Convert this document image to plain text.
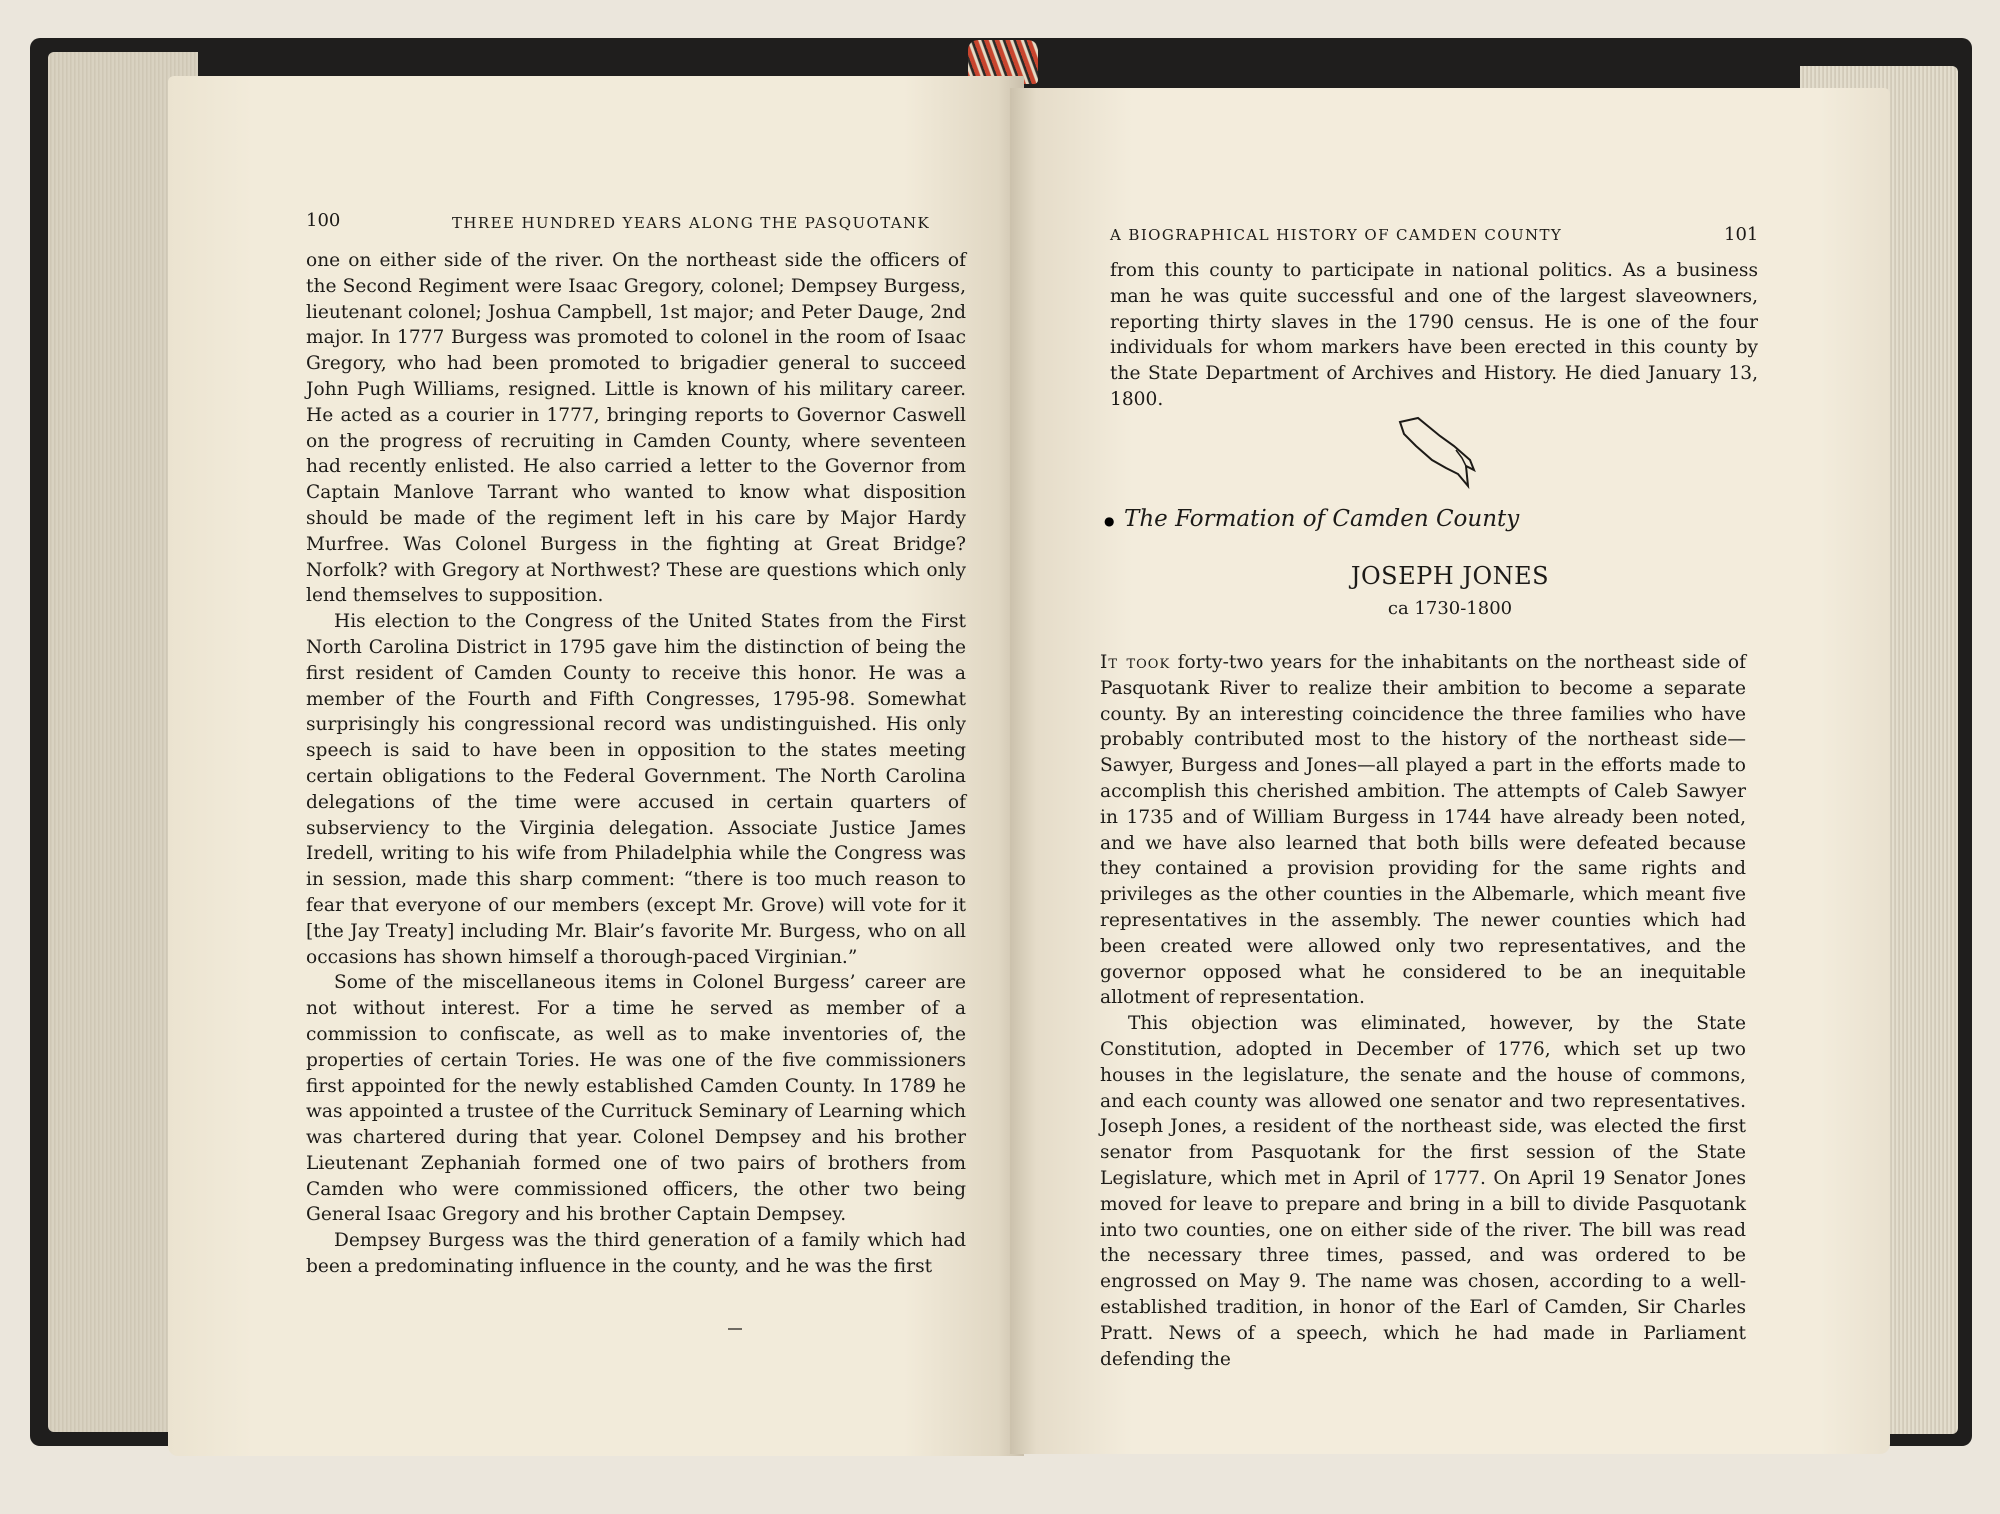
100	THREE HUNDRED YEARS ALONG THE PASQUOTANK

one on either side of the river. On the northeast side the officers of the Second Regiment were Isaac Gregory, colonel; Dempsey Burgess, lieutenant colonel; Joshua Campbell, 1st major; and Peter Dauge, 2nd major. In 1777 Burgess was promoted to colonel in the room of Isaac Gregory, who had been promoted to brigadier general to succeed John Pugh Williams, resigned. Little is known of his military career. He acted as a courier in 1777, bringing reports to Governor Caswell on the progress of recruiting in Camden County, where seventeen had recently enlisted. He also carried a letter to the Governor from Captain Manlove Tarrant who wanted to know what disposition should be made of the regiment left in his care by Major Hardy Murfree. Was Colonel Burgess in the fighting at Great Bridge? Norfolk? with Gregory at Northwest? These are questions which only lend themselves to supposition.

His election to the Congress of the United States from the First North Carolina District in 1795 gave him the distinction of being the first resident of Camden County to receive this honor. He was a member of the Fourth and Fifth Congresses, 1795-98. Somewhat surprisingly his congressional record was undistinguished. His only speech is said to have been in opposition to the states meeting certain obligations to the Federal Government. The North Carolina delegations of the time were accused in certain quarters of subserviency to the Virginia delegation. Associate Justice James Iredell, writing to his wife from Philadelphia while the Congress was in session, made this sharp comment: “there is too much reason to fear that everyone of our members (except Mr. Grove) will vote for it [the Jay Treaty] including Mr. Blair’s favorite Mr. Burgess, who on all occasions has shown himself a thorough-paced Virginian.”

Some of the miscellaneous items in Colonel Burgess’ career are not without interest. For a time he served as member of a commission to confiscate, as well as to make inventories of, the properties of certain Tories. He was one of the five commissioners first appointed for the newly established Camden County. In 1789 he was appointed a trustee of the Currituck Seminary of Learning which was chartered during that year. Colonel Dempsey and his brother Lieutenant Zephaniah formed one of two pairs of brothers from Camden who were commissioned officers, the other two being General Isaac Gregory and his brother Captain Dempsey.

Dempsey Burgess was the third generation of a family which had been a predominating influence in the county, and he was the first

A BIOGRAPHICAL HISTORY OF CAMDEN COUNTY	101

from this county to participate in national politics. As a business man he was quite successful and one of the largest slaveowners, reporting thirty slaves in the 1790 census. He is one of the four individuals for whom markers have been erected in this county by the State Department of Archives and History. He died January 13, 1800.

● The Formation of Camden County
JOSEPH JONES
ca 1730-1800

It took forty-two years for the inhabitants on the northeast side of Pasquotank River to realize their ambition to become a separate county. By an interesting coincidence the three families who have probably contributed most to the history of the northeast side—Sawyer, Burgess and Jones—all played a part in the efforts made to accomplish this cherished ambition. The attempts of Caleb Sawyer in 1735 and of William Burgess in 1744 have already been noted, and we have also learned that both bills were defeated because they contained a provision providing for the same rights and privileges as the other counties in the Albemarle, which meant five representatives in the assembly. The newer counties which had been created were allowed only two representatives, and the governor opposed what he considered to be an inequitable allotment of representation.

This objection was eliminated, however, by the State Constitution, adopted in December of 1776, which set up two houses in the legislature, the senate and the house of commons, and each county was allowed one senator and two representatives. Joseph Jones, a resident of the northeast side, was elected the first senator from Pasquotank for the first session of the State Legislature, which met in April of 1777. On April 19 Senator Jones moved for leave to prepare and bring in a bill to divide Pasquotank into two counties, one on either side of the river. The bill was read the necessary three times, passed, and was ordered to be engrossed on May 9. The name was chosen, according to a well-established tradition, in honor of the Earl of Camden, Sir Charles Pratt. News of a speech, which he had made in Parliament defending the
